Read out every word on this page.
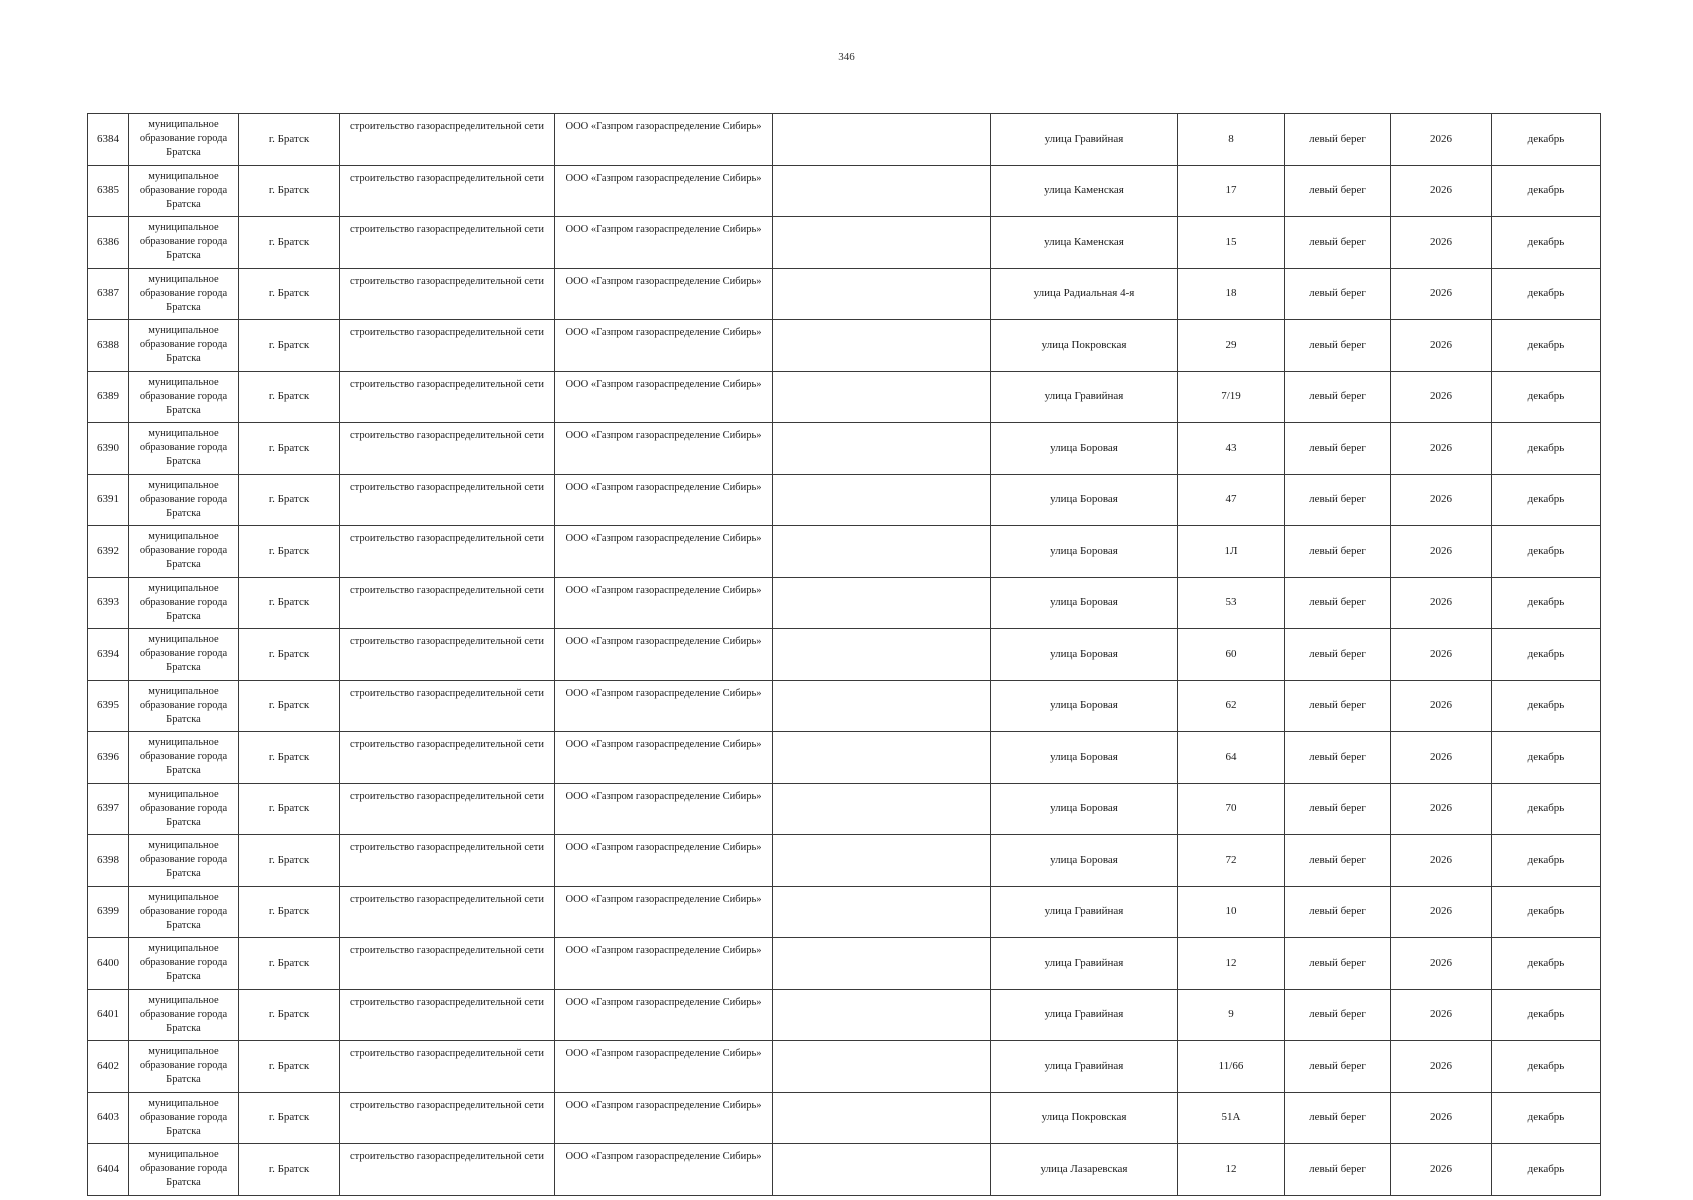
346
6384	муниципальное образование города Братска	г. Братск	строительство газораспределительной сети	ООО «Газпром газораспределение Сибирь»		улица Гравийная	8	левый берег	2026	декабрь
6385	муниципальное образование города Братска	г. Братск	строительство газораспределительной сети	ООО «Газпром газораспределение Сибирь»		улица Каменская	17	левый берег	2026	декабрь
6386	муниципальное образование города Братска	г. Братск	строительство газораспределительной сети	ООО «Газпром газораспределение Сибирь»		улица Каменская	15	левый берег	2026	декабрь
6387	муниципальное образование города Братска	г. Братск	строительство газораспределительной сети	ООО «Газпром газораспределение Сибирь»		улица Радиальная 4-я	18	левый берег	2026	декабрь
6388	муниципальное образование города Братска	г. Братск	строительство газораспределительной сети	ООО «Газпром газораспределение Сибирь»		улица Покровская	29	левый берег	2026	декабрь
6389	муниципальное образование города Братска	г. Братск	строительство газораспределительной сети	ООО «Газпром газораспределение Сибирь»		улица Гравийная	7/19	левый берег	2026	декабрь
6390	муниципальное образование города Братска	г. Братск	строительство газораспределительной сети	ООО «Газпром газораспределение Сибирь»		улица Боровая	43	левый берег	2026	декабрь
6391	муниципальное образование города Братска	г. Братск	строительство газораспределительной сети	ООО «Газпром газораспределение Сибирь»		улица Боровая	47	левый берег	2026	декабрь
6392	муниципальное образование города Братска	г. Братск	строительство газораспределительной сети	ООО «Газпром газораспределение Сибирь»		улица Боровая	1Л	левый берег	2026	декабрь
6393	муниципальное образование города Братска	г. Братск	строительство газораспределительной сети	ООО «Газпром газораспределение Сибирь»		улица Боровая	53	левый берег	2026	декабрь
6394	муниципальное образование города Братска	г. Братск	строительство газораспределительной сети	ООО «Газпром газораспределение Сибирь»		улица Боровая	60	левый берег	2026	декабрь
6395	муниципальное образование города Братска	г. Братск	строительство газораспределительной сети	ООО «Газпром газораспределение Сибирь»		улица Боровая	62	левый берег	2026	декабрь
6396	муниципальное образование города Братска	г. Братск	строительство газораспределительной сети	ООО «Газпром газораспределение Сибирь»		улица Боровая	64	левый берег	2026	декабрь
6397	муниципальное образование города Братска	г. Братск	строительство газораспределительной сети	ООО «Газпром газораспределение Сибирь»		улица Боровая	70	левый берег	2026	декабрь
6398	муниципальное образование города Братска	г. Братск	строительство газораспределительной сети	ООО «Газпром газораспределение Сибирь»		улица Боровая	72	левый берег	2026	декабрь
6399	муниципальное образование города Братска	г. Братск	строительство газораспределительной сети	ООО «Газпром газораспределение Сибирь»		улица Гравийная	10	левый берег	2026	декабрь
6400	муниципальное образование города Братска	г. Братск	строительство газораспределительной сети	ООО «Газпром газораспределение Сибирь»		улица Гравийная	12	левый берег	2026	декабрь
6401	муниципальное образование города Братска	г. Братск	строительство газораспределительной сети	ООО «Газпром газораспределение Сибирь»		улица Гравийная	9	левый берег	2026	декабрь
6402	муниципальное образование города Братска	г. Братск	строительство газораспределительной сети	ООО «Газпром газораспределение Сибирь»		улица Гравийная	11/66	левый берег	2026	декабрь
6403	муниципальное образование города Братска	г. Братск	строительство газораспределительной сети	ООО «Газпром газораспределение Сибирь»		улица Покровская	51А	левый берег	2026	декабрь
6404	муниципальное образование города Братска	г. Братск	строительство газораспределительной сети	ООО «Газпром газораспределение Сибирь»		улица Лазаревская	12	левый берег	2026	декабрь
